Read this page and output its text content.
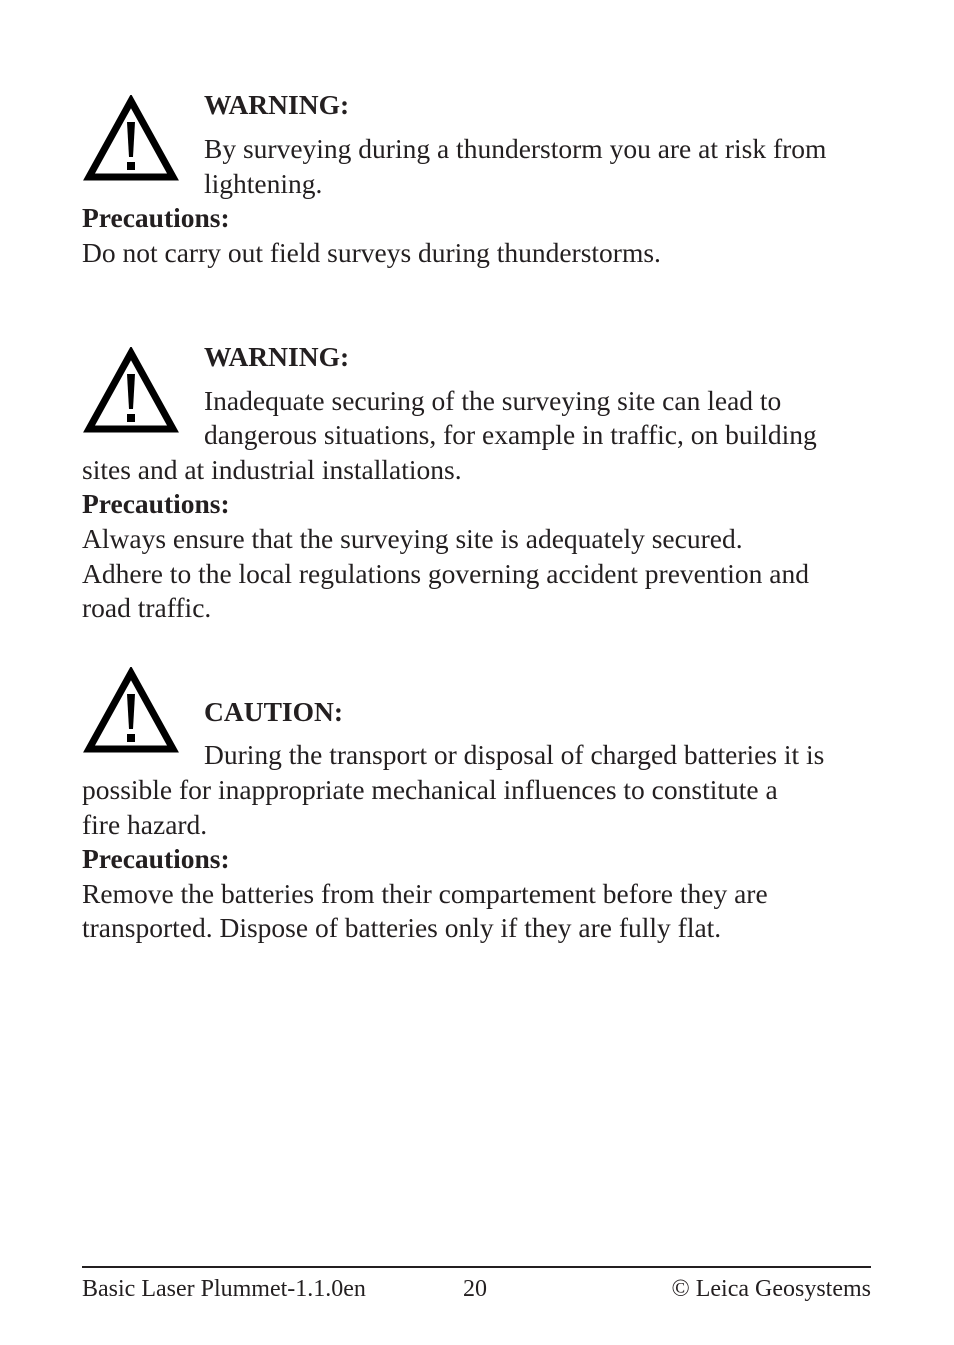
WARNING:
By surveying during a thunderstorm you are at risk from
lightening.
Precautions:
Do not carry out field surveys during thunderstorms.
WARNING:
Inadequate securing of the surveying site can lead to
dangerous situations, for example in traffic, on building
sites and at industrial installations.
Precautions:
Always ensure that the surveying site is adequately secured.
Adhere to the local regulations governing accident prevention and
road traffic.
CAUTION:
During the transport or disposal of charged batteries it is
possible for inappropriate mechanical influences to constitute a
fire hazard.
Precautions:
Remove the batteries from their compartement before they are
transported. Dispose of batteries only if they are fully flat.
Basic Laser Plummet-1.1.0en	20	© Leica Geosystems
